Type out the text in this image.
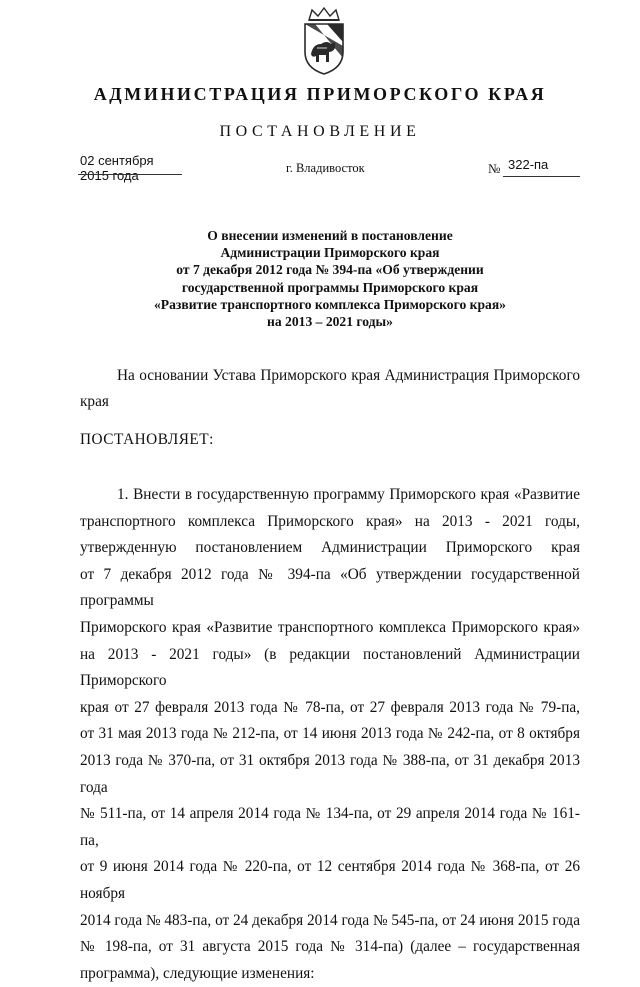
АДМИНИСТРАЦИЯ ПРИМОРСКОГО КРАЯ
ПОСТАНОВЛЕНИЕ
02 сентября 2015 года	г. Владивосток	№ 322-па
О внесении изменений в постановление
Администрации Приморского края
от 7 декабря 2012 года № 394-па «Об утверждении
государственной программы Приморского края
«Развитие транспортного комплекса Приморского края»
на 2013 – 2021 годы»
На основании Устава Приморского края Администрация Приморского
края
ПОСТАНОВЛЯЕТ:
1. Внести в государственную программу Приморского края «Развитие
транспортного комплекса Приморского края» на 2013 - 2021 годы,
утвержденную постановлением Администрации Приморского края
от 7 декабря 2012 года № 394-па «Об утверждении государственной программы
Приморского края «Развитие транспортного комплекса Приморского края»
на 2013 - 2021 годы» (в редакции постановлений Администрации Приморского
края от 27 февраля 2013 года № 78-па, от 27 февраля 2013 года № 79-па,
от 31 мая 2013 года № 212-па, от 14 июня 2013 года № 242-па, от 8 октября
2013 года № 370-па, от 31 октября 2013 года № 388-па, от 31 декабря 2013 года
№ 511-па, от 14 апреля 2014 года № 134-па, от 29 апреля 2014 года № 161-па,
от 9 июня 2014 года № 220-па, от 12 сентября 2014 года № 368-па, от 26 ноября
2014 года № 483-па, от 24 декабря 2014 года № 545-па, от 24 июня 2015 года
№ 198-па, от 31 августа 2015 года № 314-па) (далее – государственная
программа), следующие изменения:
